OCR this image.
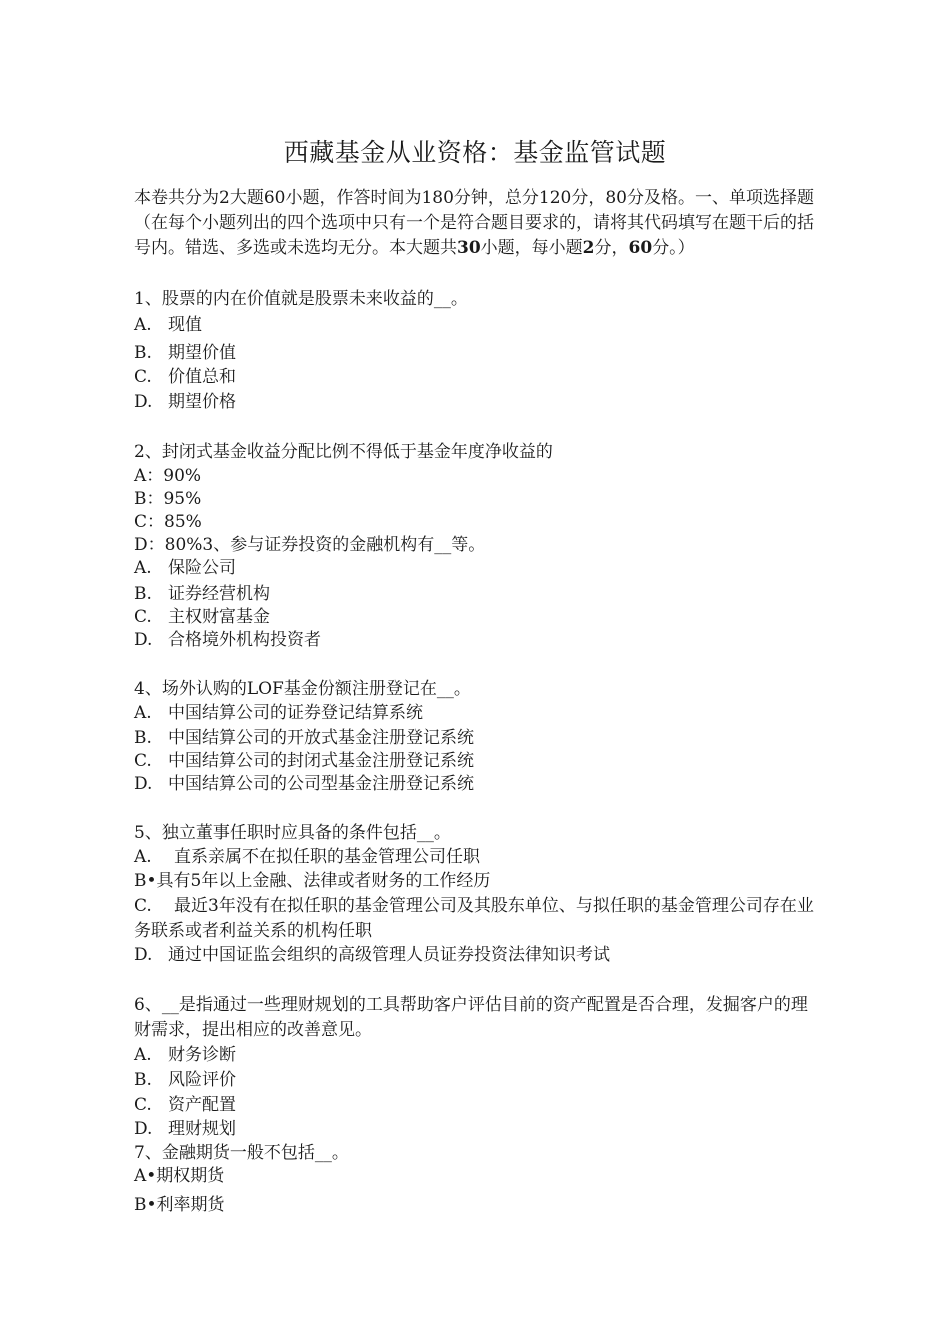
西藏基金从业资格：基金监管试题
本卷共分为2大题60小题，作答时间为180分钟，总分120分，80分及格。一、单项选择题（在每个小题列出的四个选项中只有一个是符合题目要求的，请将其代码填写在题干后的括号内。错选、多选或未选均无分。本大题共30小题，每小题2分，60分。）
1、股票的内在价值就是股票未来收益的__。
A. 现值
B. 期望价值
C. 价值总和
D. 期望价格
2、封闭式基金收益分配比例不得低于基金年度净收益的
A：90%
B：95%
C：85%
D：80%3、参与证券投资的金融机构有__等。
A. 保险公司
B. 证券经营机构
C. 主权财富基金
D. 合格境外机构投资者
4、场外认购的LOF基金份额注册登记在__。
A. 中国结算公司的证券登记结算系统
B. 中国结算公司的开放式基金注册登记系统
C. 中国结算公司的封闭式基金注册登记系统
D. 中国结算公司的公司型基金注册登记系统
5、独立董事任职时应具备的条件包括__。
A. 直系亲属不在拟任职的基金管理公司任职
B•具有5年以上金融、法律或者财务的工作经历
C. 最近3年没有在拟任职的基金管理公司及其股东单位、与拟任职的基金管理公司存在业务联系或者利益关系的机构任职
D. 通过中国证监会组织的高级管理人员证券投资法律知识考试
6、__是指通过一些理财规划的工具帮助客户评估目前的资产配置是否合理，发掘客户的理财需求，提出相应的改善意见。
A. 财务诊断
B. 风险评价
C. 资产配置
D. 理财规划
7、金融期货一般不包括__。
A•期权期货
B•利率期货
